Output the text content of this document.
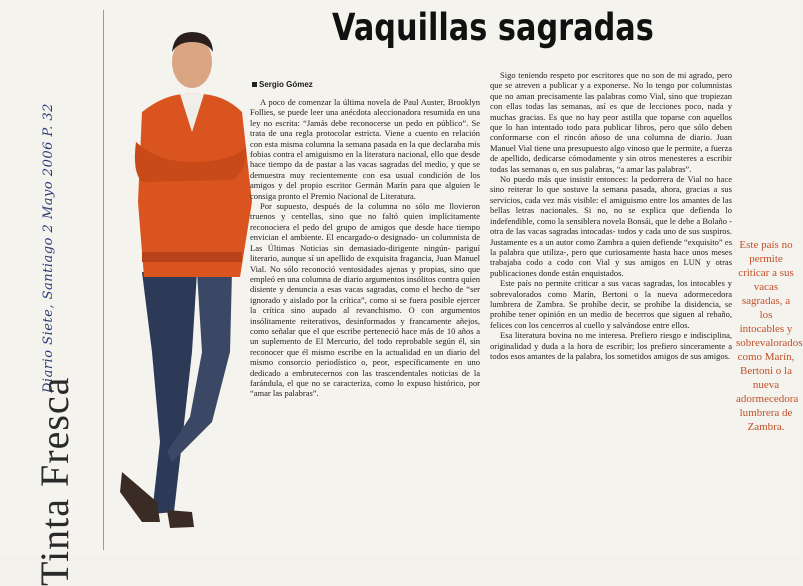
Diario Siete, Santiago 2 Mayo 2006 P. 32
Tinta Fresca
Vaquillas sagradas
Sergio Gómez

A poco de comenzar la última novela de Paul Auster, Brooklyn Follies, se puede leer una anécdota aleccionadora resumida en una ley no escrita: “Jamás debe reconocerse un pedo en público”. Se trata de una regla protocolar estricta. Viene a cuento en relación con esta misma columna la semana pasada en la que declaraba mis fobias contra el amiguismo en la literatura nacional, ello que desde hace tiempo da de pastar a las vacas sagradas del medio, y que se demuestra muy recientemente con esa usual condición de los amigos y del propio escritor Germán Marín para que alguien le consiga pronto el Premio Nacional de Literatura.

Por supuesto, después de la columna no sólo me llovieron truenos y centellas, sino que no faltó quien implícitamente reconociera el pedo del grupo de amigos que desde hace tiempo envician el ambiente. El encargado-o designado- un columnista de Las Últimas Noticias sin demasiado-dirigente ningún- pariguí literario, aunque sí un apellido de exquisita fragancia, Juan Manuel Vial. No sólo reconoció ventosidades ajenas y propias, sino que empleó en una columna de diario argumentos insólitos contra quien disiente y denuncia a esas vacas sagradas, como el hecho de “ser ignorado y aislado por la crítica”, como si se fuera posible ejercer la crítica sino aupado al revanchismo. O con argumentos insólitamente reiterativos, desinformados y francamente añejos, como señalar que el que escribe perteneció hace más de 10 años a un suplemento de El Mercurio, del todo reprobable según él, sin reconocer que él mismo escribe en la actualidad en un diario del mismo consorcio periodístico o, peor, específicamente en uno dedicado a embrutecernos con las trascendentales noticias de la farándula, el que no se caracteriza, como lo expuso histórico, por “amar las palabras”.

Sigo teniendo respeto por escritores que no son de mi agrado, pero que se atreven a publicar y a exponerse. No lo tengo por columnistas que no aman precisamente las palabras como Vial, sino que tropiezan con ellas todas las semanas, así es que de lecciones poco, nada y muchas gracias. Es que no hay peor astilla que toparse con aquellos que lo han intentado todo para publicar libros, pero que sólo deben conformarse con el rincón añoso de una columna de diario. Juan Manuel Vial tiene una presupuesto algo vinoso que le permite, a fuerza de apellido, dedicarse cómodamente y sin otros menesteres a escribir todas las semanas o, en sus palabras, “a amar las palabras”.

No puedo más que insistir entonces: la pedorrera de Vial no hace sino reiterar lo que sostuve la semana pasada, ahora, gracias a sus servicios, cada vez más visible: el amiguismo entre los amantes de las bellas letras nacionales. Si no, no se explica que defienda lo indefendible, como la sensiblera novela Bonsái, que le debe a Bolaño -otra de las vacas sagradas intocadas- todos y cada uno de sus suspiros. Justamente es a un autor como Zambra a quien defiende “exquisito” es la palabra que utiliza-, pero que curiosamente hasta hace unos meses trabajaba codo a codo con Vial y sus amigos en LUN y otras publicaciones donde están enquistados.

Este país no permite criticar a sus vacas sagradas, los intocables y sobrevalorados como Marín, Bertoni o la nueva adormecedora lumbrera de Zambra. Se prohíbe decir, se prohíbe la disidencia, se prohíbe tener opinión en un medio de becerros que siguen al rebaño, felices con los cencerros al cuello y salvándose entre ellos.

Esa literatura bovina no me interesa. Prefiero riesgo e indisciplina, originalidad y duda a la hora de escribir; los prefiero sinceramente a todos esos amantes de la palabra, los sometidos amigos de sus amigos.

Este país no permite criticar a sus vacas sagradas, a los intocables y sobrevalorados como Marín, Bertoni o la nueva adormecedora lumbrera de Zambra.
